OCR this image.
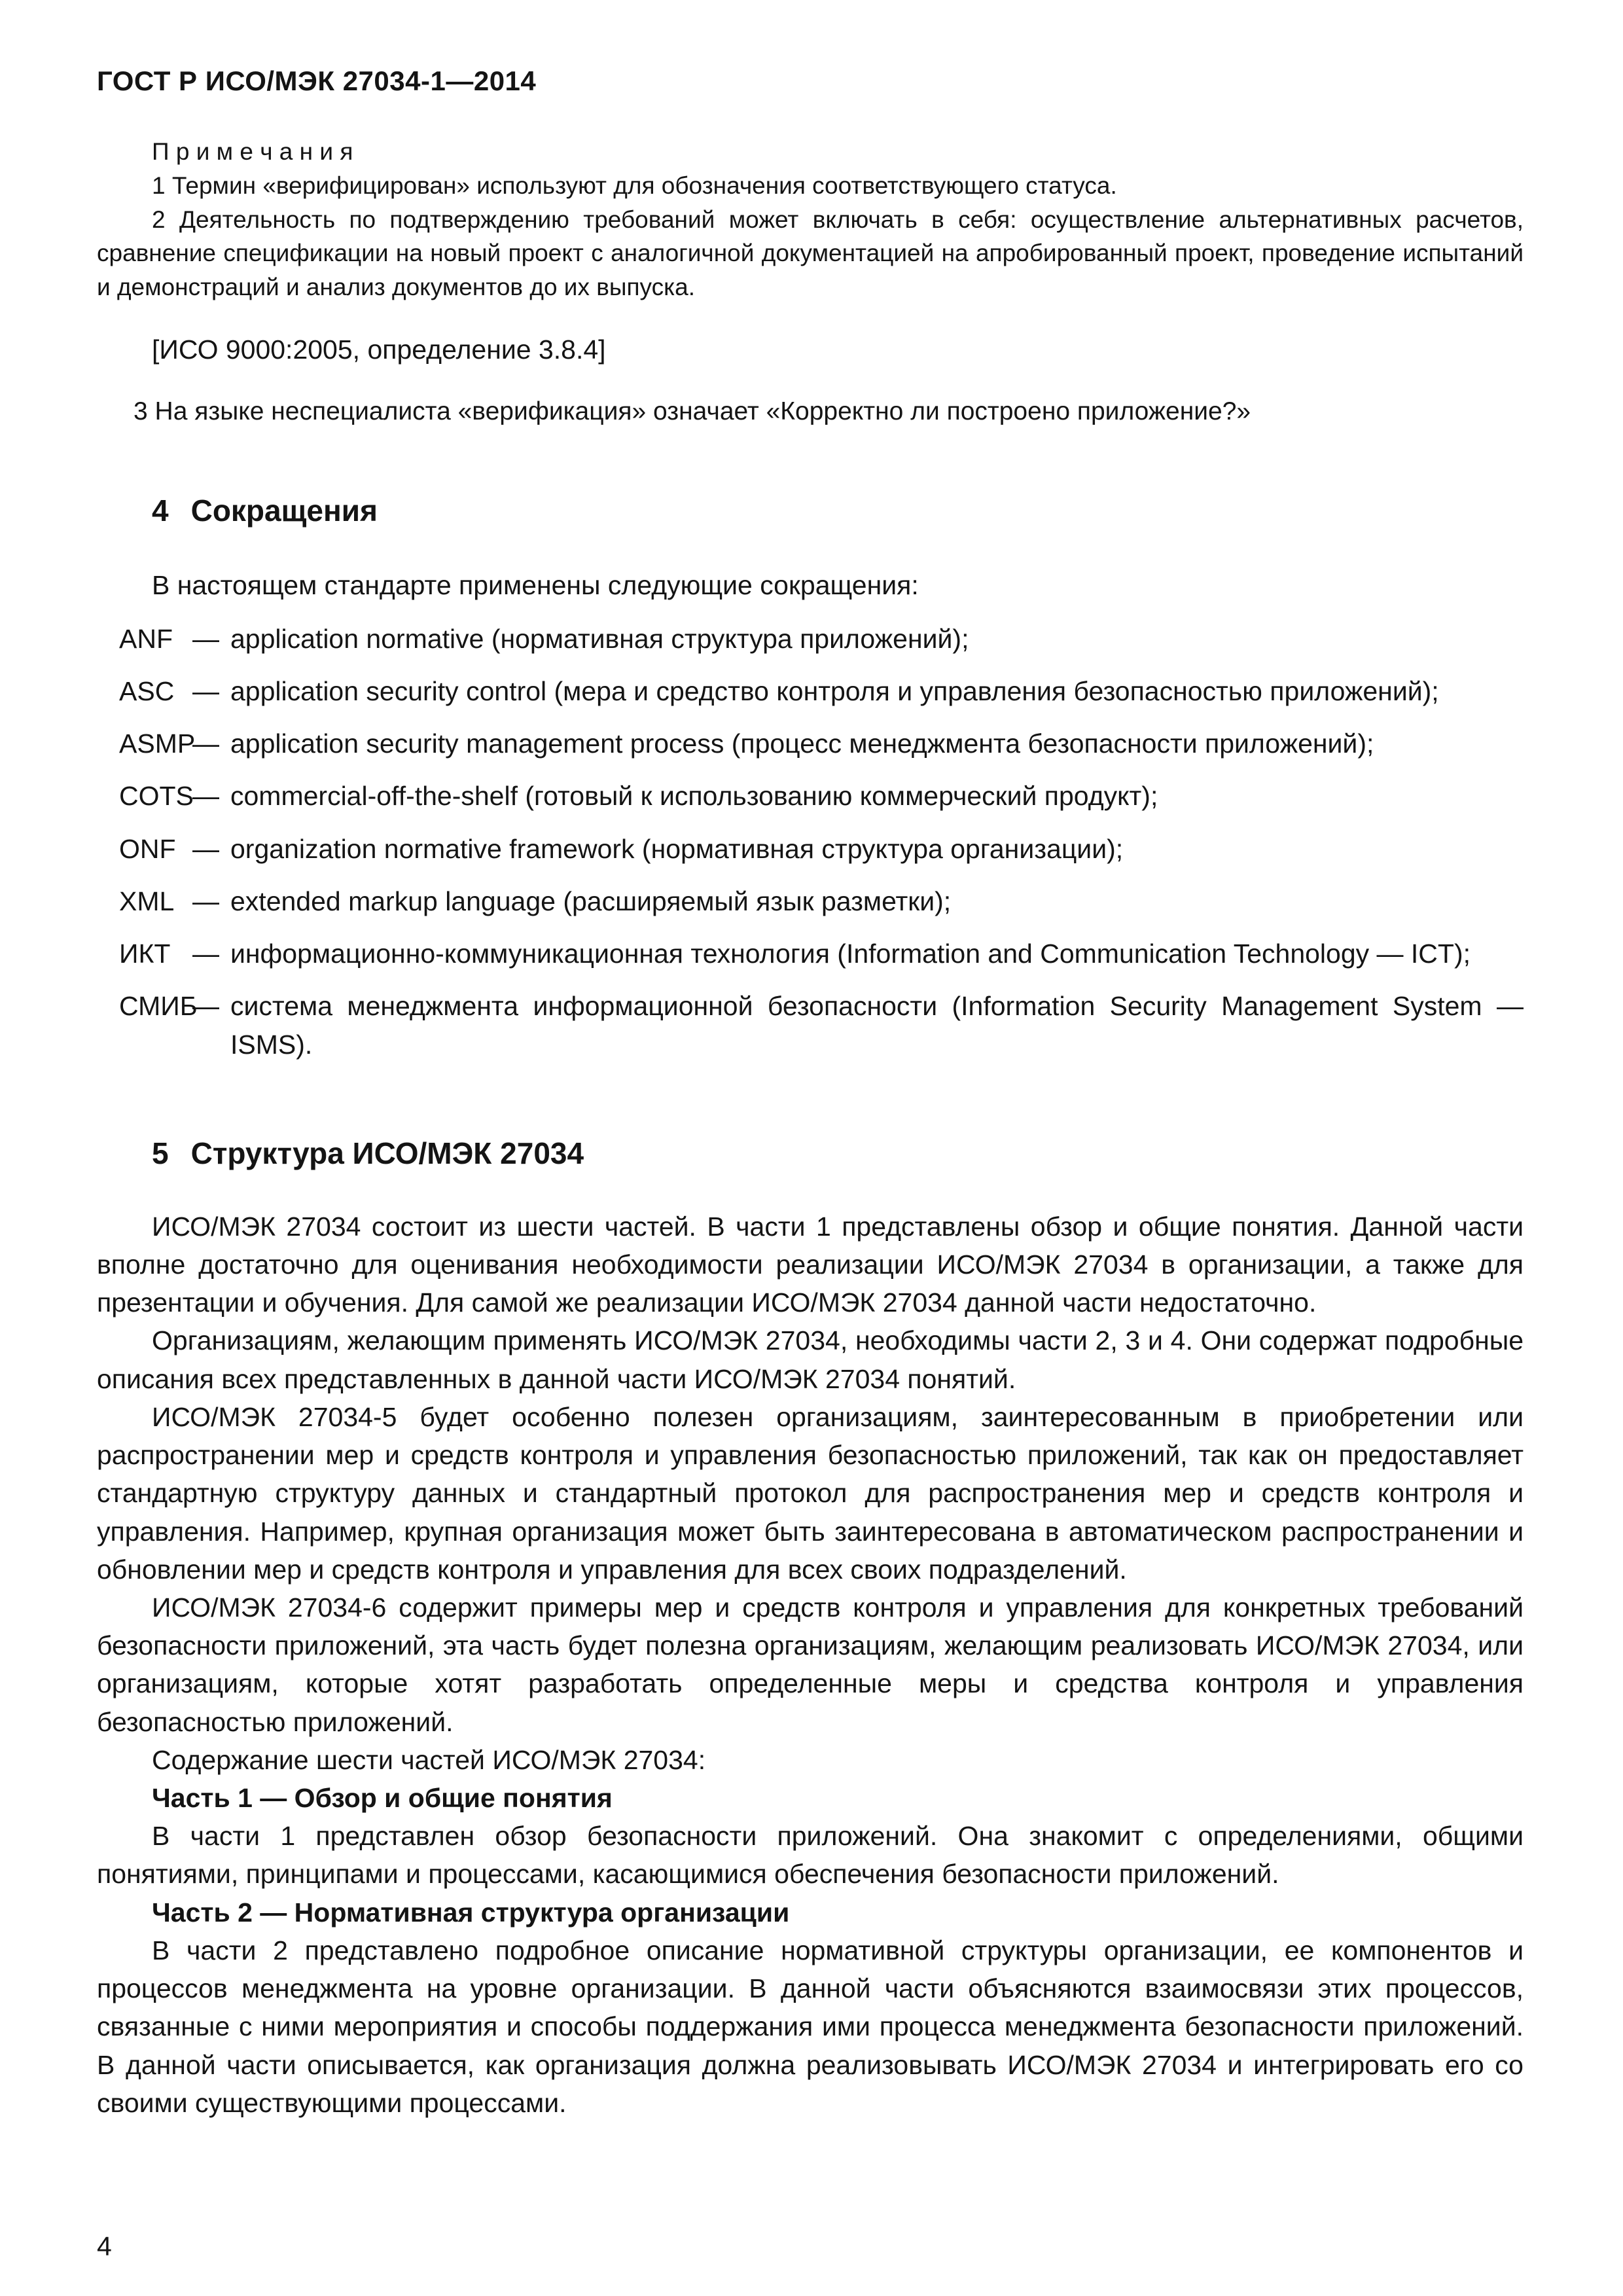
ГОСТ Р ИСО/МЭК 27034-1—2014
П р и м е ч а н и я

1 Термин «верифицирован» используют для обозначения соответствующего статуса.

2 Деятельность по подтверждению требований может включать в себя: осуществление альтернативных расчетов, сравнение спецификации на новый проект с аналогичной документацией на апробированный проект, проведение испытаний и демонстраций и анализ документов до их выпуска.

[ИСО 9000:2005, определение 3.8.4]

3 На языке неспециалиста «верификация» означает «Корректно ли построено приложение?»

4 Сокращения

В настоящем стандарте применены следующие сокращения:

ANF — application normative (нормативная структура приложений);
ASC — application security control (мера и средство контроля и управления безопасностью приложений);
ASMP
— application security management process (процесс менеджмента безопасности приложений);
COTS
— commercial-off-the-shelf (готовый к использованию коммерческий продукт);
ONF — organization normative framework (нормативная структура организации);
XML — extended markup language (расширяемый язык разметки);
ИКТ — информационно-коммуникационная технология (Information and Communication Technology — ICT);
СМИБ
— система менеджмента информационной безопасности (Information Security Management System — ISMS).
5 Структура ИСО/МЭК 27034

ИСО/МЭК 27034 состоит из шести частей. В части 1 представлены обзор и общие понятия. Данной части вполне достаточно для оценивания необходимости реализации ИСО/МЭК 27034 в организации, а также для презентации и обучения. Для самой же реализации ИСО/МЭК 27034 данной части недостаточно.

Организациям, желающим применять ИСО/МЭК 27034, необходимы части 2, 3 и 4. Они содержат подробные описания всех представленных в данной части ИСО/МЭК 27034 понятий.

ИСО/МЭК 27034-5 будет особенно полезен организациям, заинтересованным в приобретении или распространении мер и средств контроля и управления безопасностью приложений, так как он предоставляет стандартную структуру данных и стандартный протокол для распространения мер и средств контроля и управления. Например, крупная организация может быть заинтересована в автоматическом распространении и обновлении мер и средств контроля и управления для всех своих подразделений.

ИСО/МЭК 27034-6 содержит примеры мер и средств контроля и управления для конкретных требований безопасности приложений, эта часть будет полезна организациям, желающим реализовать ИСО/МЭК 27034, или организациям, которые хотят разработать определенные меры и средства контроля и управления безопасностью приложений.

Содержание шести частей ИСО/МЭК 27034:

Часть 1 — Обзор и общие понятия

В части 1 представлен обзор безопасности приложений. Она знакомит с определениями, общими понятиями, принципами и процессами, касающимися обеспечения безопасности приложений.

Часть 2 — Нормативная структура организации

В части 2 представлено подробное описание нормативной структуры организации, ее компонентов и процессов менеджмента на уровне организации. В данной части объясняются взаимосвязи этих процессов, связанные с ними мероприятия и способы поддержания ими процесса менеджмента безопасности приложений. В данной части описывается, как организация должна реализовывать ИСО/МЭК 27034 и интегрировать его со своими существующими процессами.

4
